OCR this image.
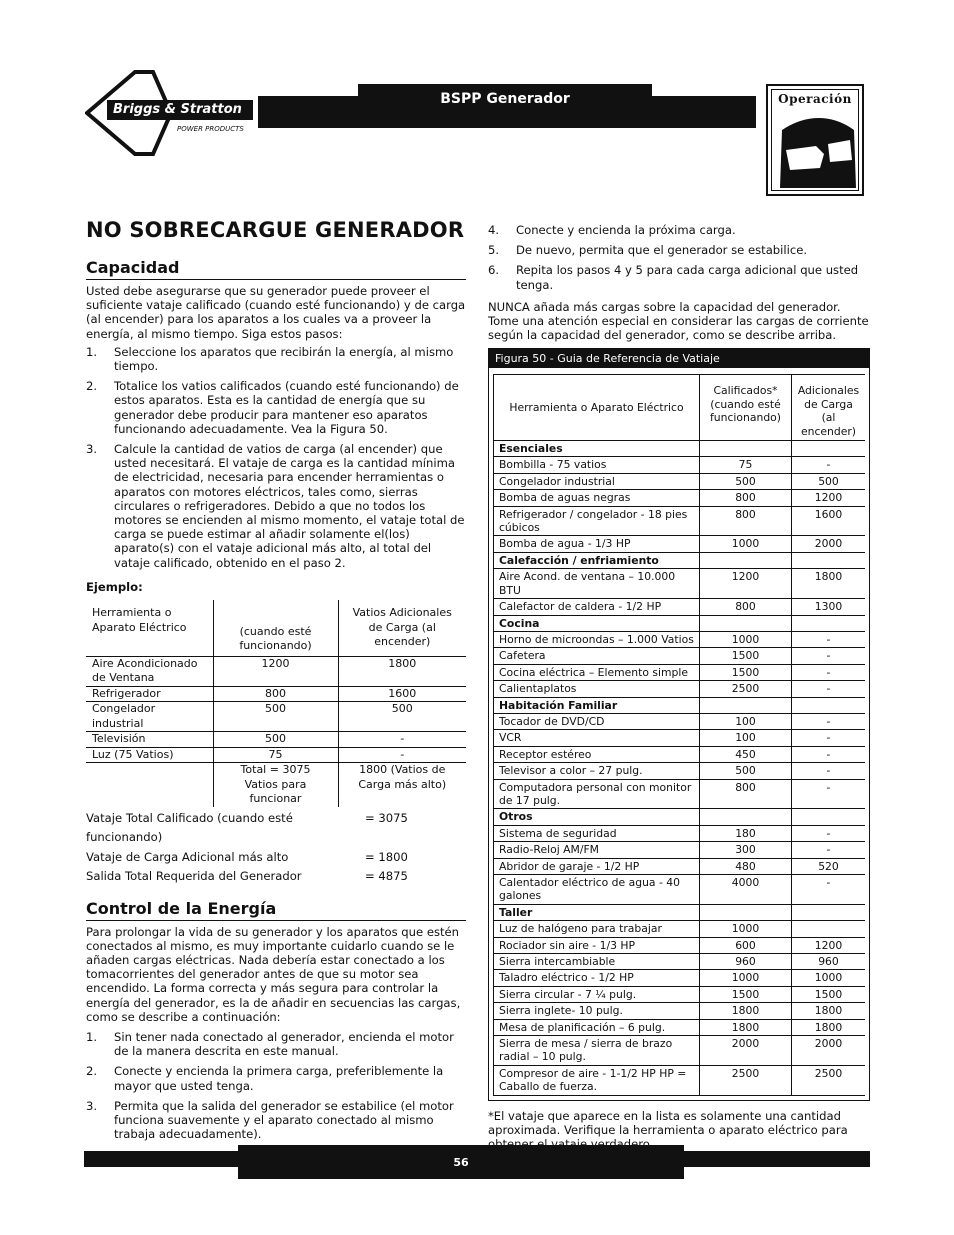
Briggs & Stratton
POWER PRODUCTS
BSPP Generador	Operación
NO SOBRECARGUE GENERADOR
Capacidad

Usted debe asegurarse que su generador puede proveer el suficiente vataje calificado (cuando esté funcionando) y de carga (al encender) para los aparatos a los cuales va a proveer la energía, al mismo tiempo. Siga estos pasos:

1.	Seleccione los aparatos que recibirán la energía, al mismo tiempo.
2.	Totalice los vatios calificados (cuando esté funcionando) de estos aparatos. Esta es la cantidad de energía que su generador debe producir para mantener eso aparatos funcionando adecuadamente. Vea la Figura 50.
3.	Calcule la cantidad de vatios de carga (al encender) que usted necesitará. El vataje de carga es la cantidad mínima de electricidad, necesaria para encender herramientas o aparatos con motores eléctricos, tales como, sierras circulares o refrigeradores. Debido a que no todos los motores se encienden al mismo momento, el vataje total de carga se puede estimar al añadir solamente el(los) aparato(s) con el vataje adicional más alto, al total del vataje calificado, obtenido en el paso 2.

Ejemplo:

Herramienta o Aparato Eléctrico	(cuando esté funcionando)	Vatios Adicionales de Carga (al encender)
Aire Acondicionado de Ventana	1200	1800
Refrigerador	800	1600
Congelador industrial	500	500
Televisión	500	-
Luz (75 Vatios)	75	-
	Total = 3075	1800 (Vatios de
	Vatios para funcionar	Carga más alto)
Vataje Total Calificado (cuando esté funcionando)
= 3075
Vataje de Carga Adicional más alto	= 1800
Salida Total Requerida del Generador	= 4875
Control de la Energía

Para prolongar la vida de su generador y los aparatos que estén conectados al mismo, es muy importante cuidarlo cuando se le añaden cargas eléctricas. Nada debería estar conectado a los tomacorrientes del generador antes de que su motor sea encendido. La forma correcta y más segura para controlar la energía del generador, es la de añadir en secuencias las cargas, como se describe a continuación:

1.	Sin tener nada conectado al generador, encienda el motor de la manera descrita en este manual.
2.	Conecte y encienda la primera carga, preferiblemente la mayor que usted tenga.
3.	Permita que la salida del generador se estabilice (el motor funciona suavemente y el aparato conectado al mismo trabaja adecuadamente).
4.	Conecte y encienda la próxima carga.
5.	De nuevo, permita que el generador se estabilice.
6.	Repita los pasos 4 y 5 para cada carga adicional que usted tenga.

NUNCA añada más cargas sobre la capacidad del generador. Tome una atención especial en considerar las cargas de corriente según la capacidad del generador, como se describe arriba.

Figura 50 - Guia de Referencia de Vatiaje
Herramienta o Aparato Eléctrico	Calificados* (cuando esté funcionando)	Adicionales de Carga (al encender)
Esenciales		
Bombilla - 75 vatios	75	-
Congelador industrial	500	500
Bomba de aguas negras	800	1200
Refrigerador / congelador - 18 pies cúbicos	800	1600
Bomba de agua - 1/3 HP	1000	2000
Calefacción / enfriamiento		
Aire Acond. de ventana – 10.000 BTU	1200	1800
Calefactor de caldera - 1/2 HP	800	1300
Cocina		
Horno de microondas – 1.000 Vatios	1000	-
Cafetera	1500	-
Cocina eléctrica – Elemento simple	1500	-
Calientaplatos	2500	-
Habitación Familiar		
Tocador de DVD/CD	100	-
VCR	100	-
Receptor estéreo	450	-
Televisor a color – 27 pulg.	500	-
Computadora personal con monitor de 17 pulg.	800	-
Otros		
Sistema de seguridad	180	-
Radio-Reloj AM/FM	300	-
Abridor de garaje - 1/2 HP	480	520
Calentador eléctrico de agua - 40 galones	4000	-
Taller		
Luz de halógeno para trabajar	1000	
Rociador sin aire - 1/3 HP	600	1200
Sierra intercambiable	960	960
Taladro eléctrico - 1/2 HP	1000	1000
Sierra circular - 7 ¼ pulg.	1500	1500
Sierra inglete- 10 pulg.	1800	1800
Mesa de planificación – 6 pulg.	1800	1800
Sierra de mesa / sierra de brazo radial – 10 pulg.	2000	2000
Compresor de aire - 1-1/2 HP HP = Caballo de fuerza.	2500	2500

*El vataje que aparece en la lista es solamente una cantidad aproximada. Verifique la herramienta o aparato eléctrico para

56
